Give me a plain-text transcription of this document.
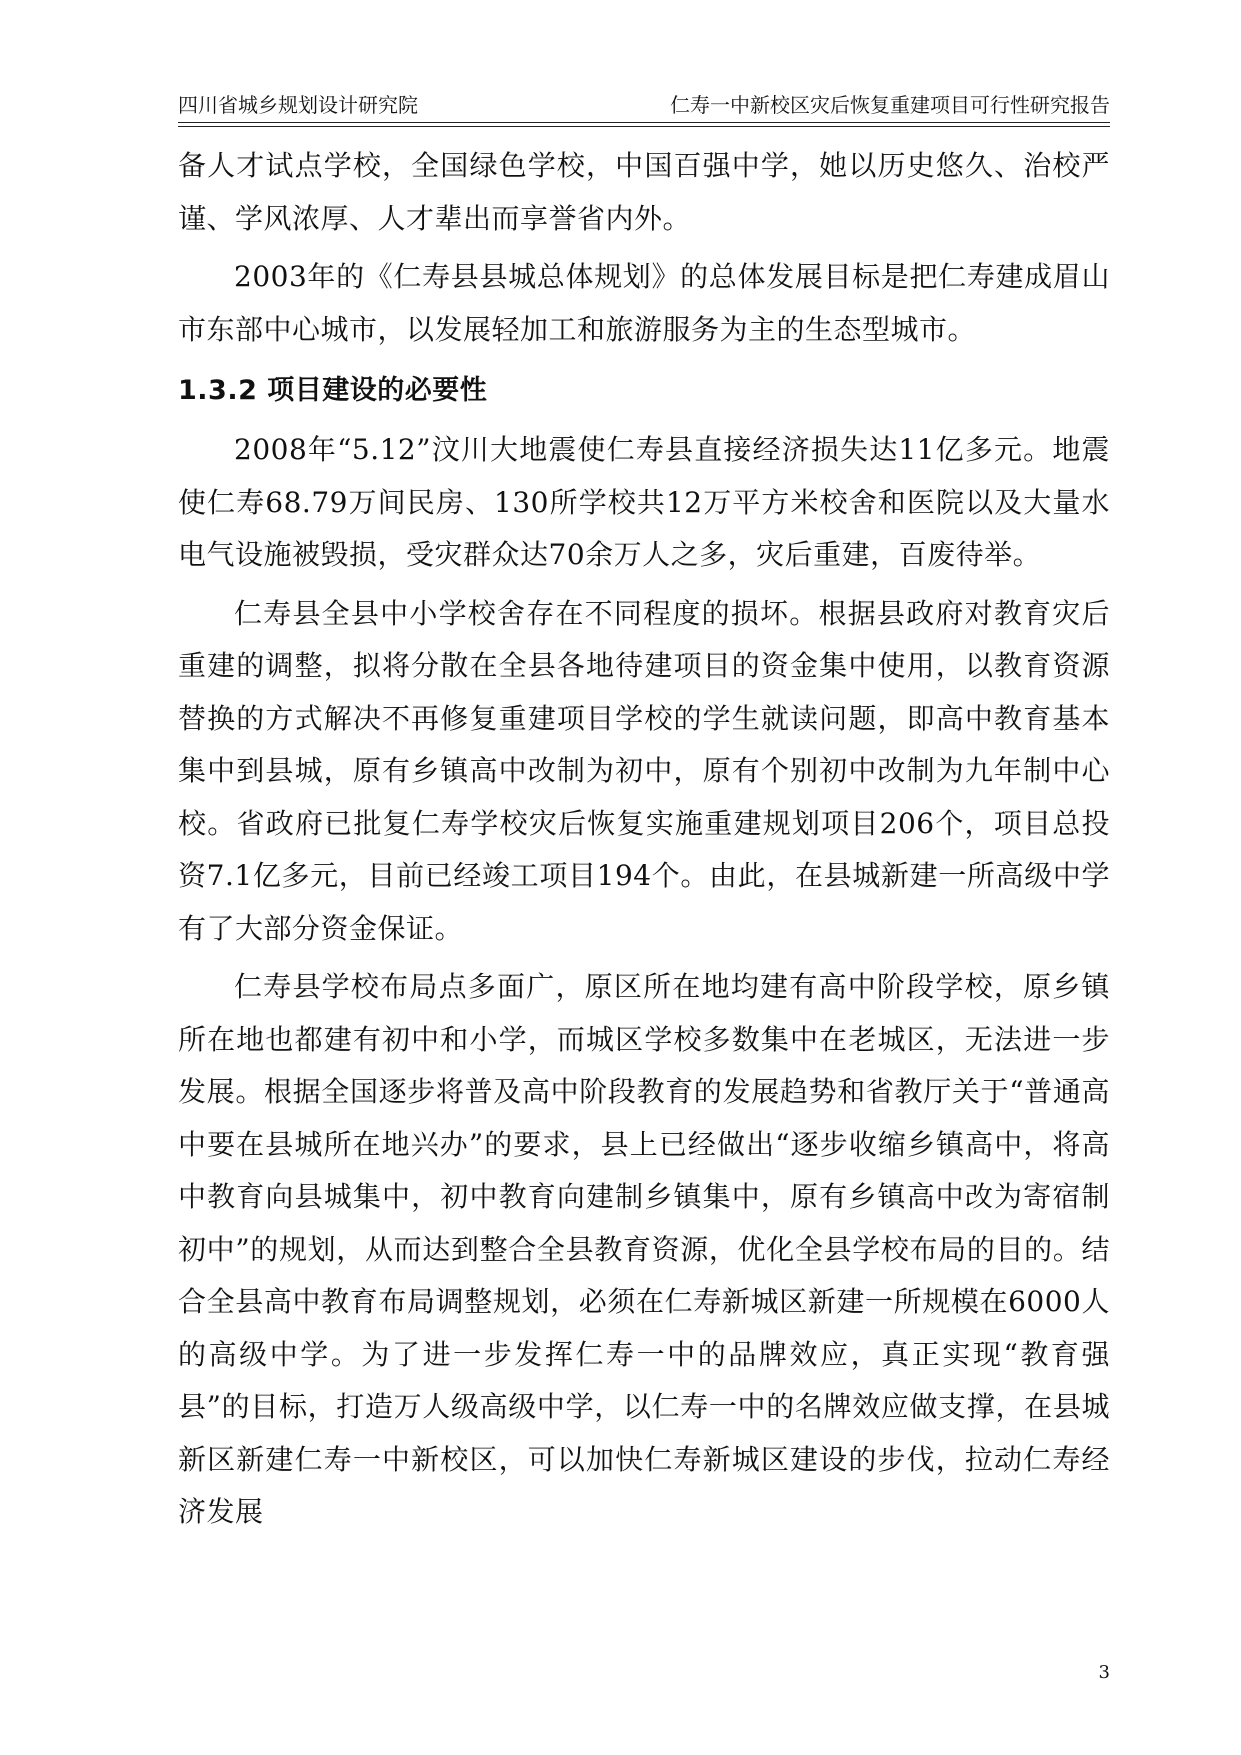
四川省城乡规划设计研究院	仁寿一中新校区灾后恢复重建项目可行性研究报告

备人才试点学校，全国绿色学校，中国百强中学，她以历史悠久、治校严谨、学风浓厚、人才辈出而享誉省内外。

2003年的《仁寿县县城总体规划》的总体发展目标是把仁寿建成眉山市东部中心城市，以发展轻加工和旅游服务为主的生态型城市。

1.3.2 项目建设的必要性

2008年“5.12”汶川大地震使仁寿县直接经济损失达11亿多元。地震使仁寿68.79万间民房、130所学校共12万平方米校舍和医院以及大量水电气设施被毁损，受灾群众达70余万人之多，灾后重建，百废待举。

仁寿县全县中小学校舍存在不同程度的损坏。根据县政府对教育灾后重建的调整，拟将分散在全县各地待建项目的资金集中使用，以教育资源替换的方式解决不再修复重建项目学校的学生就读问题，即高中教育基本集中到县城，原有乡镇高中改制为初中，原有个别初中改制为九年制中心校。省政府已批复仁寿学校灾后恢复实施重建规划项目206个，项目总投资7.1亿多元，目前已经竣工项目194个。由此，在县城新建一所高级中学有了大部分资金保证。

仁寿县学校布局点多面广，原区所在地均建有高中阶段学校，原乡镇所在地也都建有初中和小学，而城区学校多数集中在老城区，无法进一步发展。根据全国逐步将普及高中阶段教育的发展趋势和省教厅关于“普通高中要在县城所在地兴办”的要求，县上已经做出“逐步收缩乡镇高中，将高中教育向县城集中，初中教育向建制乡镇集中，原有乡镇高中改为寄宿制初中”的规划，从而达到整合全县教育资源，优化全县学校布局的目的。结合全县高中教育布局调整规划，必须在仁寿新城区新建一所规模在6000人的高级中学。为了进一步发挥仁寿一中的品牌效应，真正实现“教育强县”的目标，打造万人级高级中学，以仁寿一中的名牌效应做支撑，在县城新区新建仁寿一中新校区，可以加快仁寿新城区建设的步伐，拉动仁寿经济发展

3
